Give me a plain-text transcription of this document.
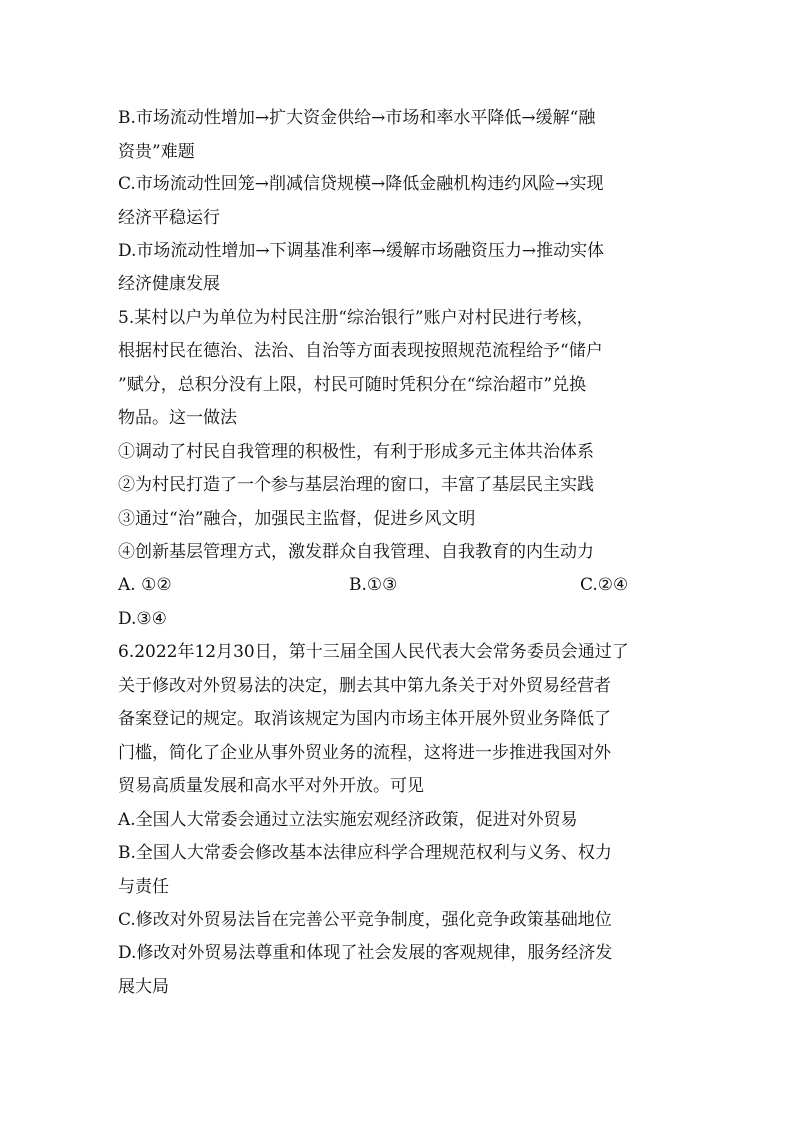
B.市场流动性增加→扩大资金供给→市场和率水平降低→缓解“融
资贵”难题
C.市场流动性回笼→削减信贷规模→降低金融机构违约风险→实现
经济平稳运行
D.市场流动性增加→下调基准利率→缓解市场融资压力→推动实体
经济健康发展
5.某村以户为单位为村民注册“综治银行”账户对村民进行考核，
根据村民在德治、法治、自治等方面表现按照规范流程给予“储户
”赋分，总积分没有上限，村民可随时凭积分在“综治超市”兑换
物品。这一做法
①调动了村民自我管理的积极性，有利于形成多元主体共治体系
②为村民打造了一个参与基层治理的窗口，丰富了基层民主实践
③通过“治”融合，加强民主监督，促进乡风文明
④创新基层管理方式，激发群众自我管理、自我教育的内生动力
A. ①②	B.①③	C.②④
D.③④
6.2022年12月30日，第十三届全国人民代表大会常务委员会通过了
关于修改对外贸易法的决定，删去其中第九条关于对外贸易经营者
备案登记的规定。取消该规定为国内市场主体开展外贸业务降低了
门槛，简化了企业从事外贸业务的流程，这将进一步推进我国对外
贸易高质量发展和高水平对外开放。可见
A.全国人大常委会通过立法实施宏观经济政策，促进对外贸易
B.全国人大常委会修改基本法律应科学合理规范权利与义务、权力
与责任
C.修改对外贸易法旨在完善公平竞争制度，强化竞争政策基础地位
D.修改对外贸易法尊重和体现了社会发展的客观规律，服务经济发
展大局
